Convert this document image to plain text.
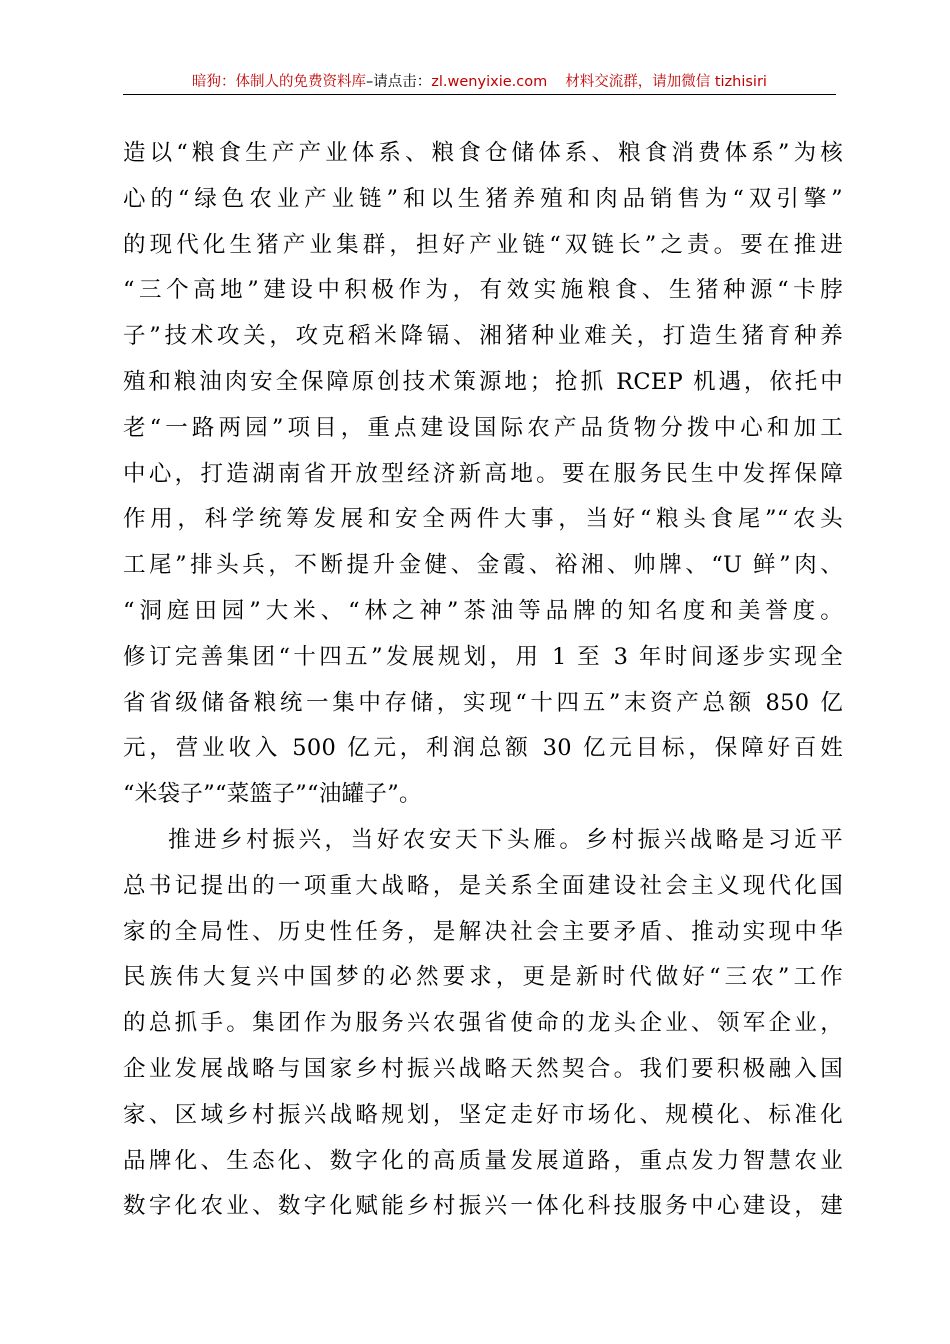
暗狗：体制人的免费资料库–请点击：zl.wenyixie.com 材料交流群，请加微信 tizhisiri
造以“粮食生产产业体系、粮食仓储体系、粮食消费体系”为核
心的“绿色农业产业链”和以生猪养殖和肉品销售为“双引擎”
的现代化生猪产业集群，担好产业链“双链长”之责。要在推进
“三个高地”建设中积极作为，有效实施粮食、生猪种源“卡脖
子”技术攻关，攻克稻米降镉、湘猪种业难关，打造生猪育种养
殖和粮油肉安全保障原创技术策源地；抢抓 RCEP 机遇，依托中
老“一路两园”项目，重点建设国际农产品货物分拨中心和加工
中心，打造湖南省开放型经济新高地。要在服务民生中发挥保障
作用，科学统筹发展和安全两件大事，当好“粮头食尾”“农头
工尾”排头兵，不断提升金健、金霞、裕湘、帅牌、“U 鲜”肉、
“洞庭田园”大米、“林之神”茶油等品牌的知名度和美誉度。
修订完善集团“十四五”发展规划，用 1 至 3 年时间逐步实现全
省省级储备粮统一集中存储，实现“十四五”末资产总额 850 亿
元，营业收入 500 亿元，利润总额 30 亿元目标，保障好百姓
“米袋子”“菜篮子”“油罐子”。
推进乡村振兴，当好农安天下头雁。乡村振兴战略是习近平
总书记提出的一项重大战略，是关系全面建设社会主义现代化国
家的全局性、历史性任务，是解决社会主要矛盾、推动实现中华
民族伟大复兴中国梦的必然要求，更是新时代做好“三农”工作
的总抓手。集团作为服务兴农强省使命的龙头企业、领军企业，
企业发展战略与国家乡村振兴战略天然契合。我们要积极融入国
家、区域乡村振兴战略规划，坚定走好市场化、规模化、标准化
品牌化、生态化、数字化的高质量发展道路，重点发力智慧农业
数字化农业、数字化赋能乡村振兴一体化科技服务中心建设，建
